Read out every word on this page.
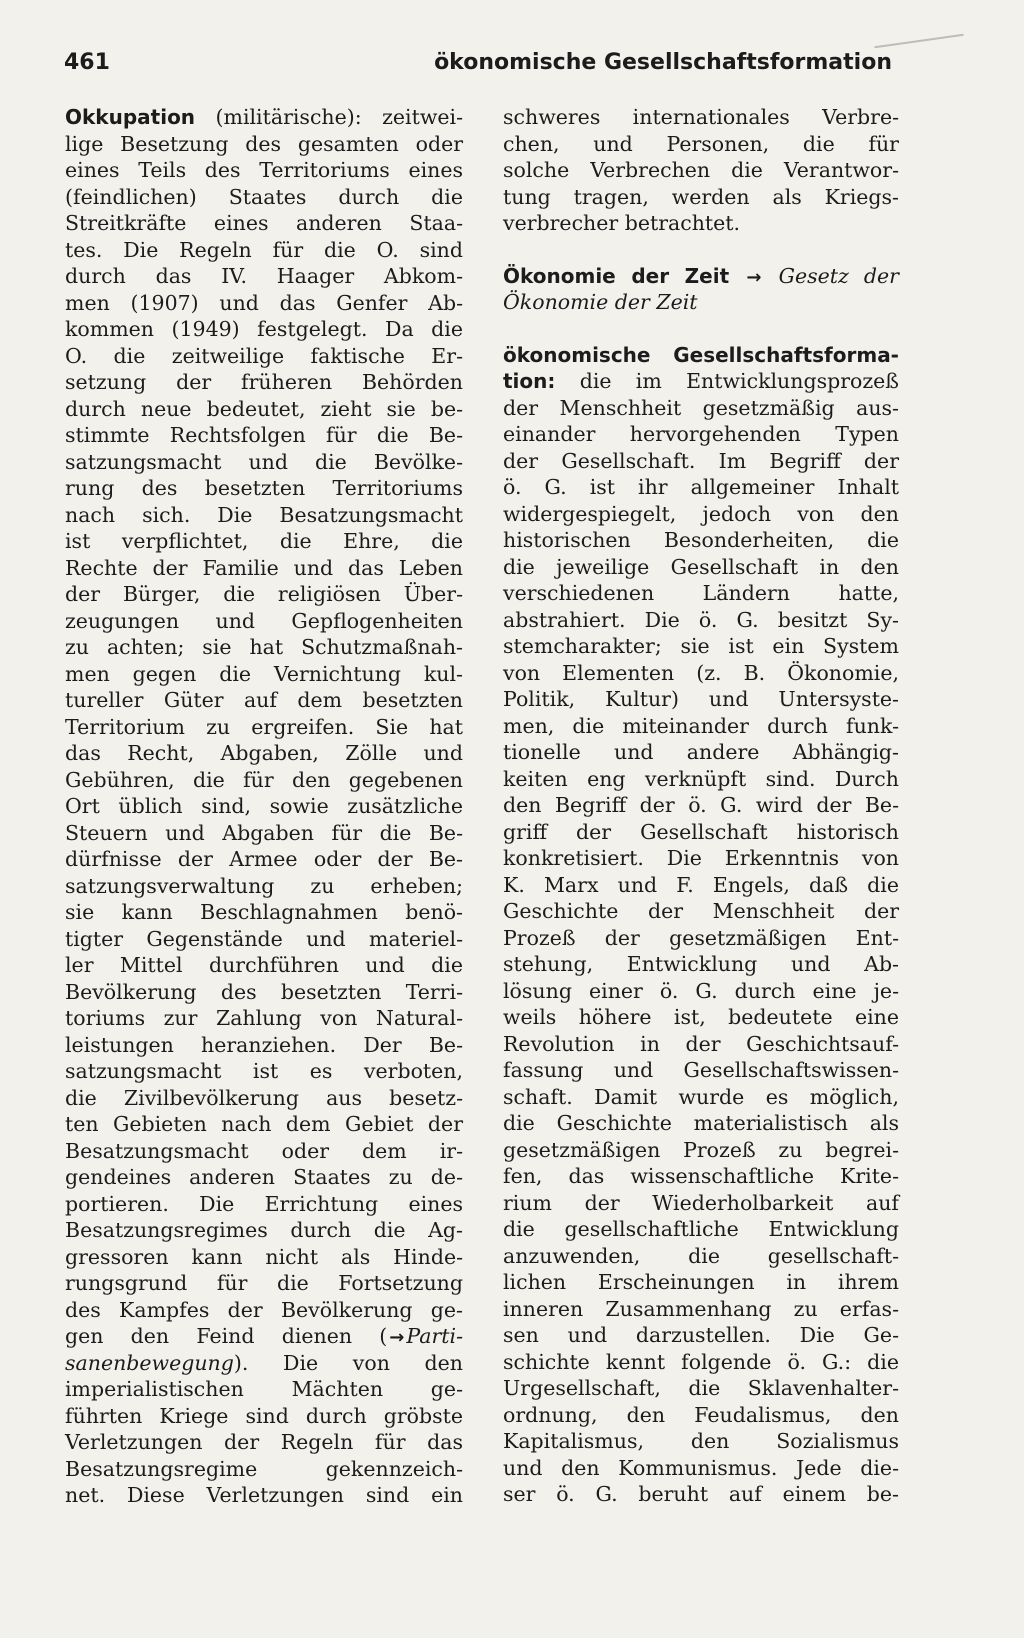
461	ökonomische Gesellschaftsformation
Okkupation (militärische): zeitwei-
lige Besetzung des gesamten oder
eines Teils des Territoriums eines
(feindlichen) Staates durch die
Streitkräfte eines anderen Staa-
tes. Die Regeln für die O. sind
durch das IV. Haager Abkom-
men (1907) und das Genfer Ab-
kommen (1949) festgelegt. Da die
O. die zeitweilige faktische Er-
setzung der früheren Behörden
durch neue bedeutet, zieht sie be-
stimmte Rechtsfolgen für die Be-
satzungsmacht und die Bevölke-
rung des besetzten Territoriums
nach sich. Die Besatzungsmacht
ist verpflichtet, die Ehre, die
Rechte der Familie und das Leben
der Bürger, die religiösen Über-
zeugungen und Gepflogenheiten
zu achten; sie hat Schutzmaßnah-
men gegen die Vernichtung kul-
tureller Güter auf dem besetzten
Territorium zu ergreifen. Sie hat
das Recht, Abgaben, Zölle und
Gebühren, die für den gegebenen
Ort üblich sind, sowie zusätzliche
Steuern und Abgaben für die Be-
dürfnisse der Armee oder der Be-
satzungsverwaltung zu erheben;
sie kann Beschlagnahmen benö-
tigter Gegenstände und materiel-
ler Mittel durchführen und die
Bevölkerung des besetzten Terri-
toriums zur Zahlung von Natural-
leistungen heranziehen. Der Be-
satzungsmacht ist es verboten,
die Zivilbevölkerung aus besetz-
ten Gebieten nach dem Gebiet der
Besatzungsmacht oder dem ir-
gendeines anderen Staates zu de-
portieren. Die Errichtung eines
Besatzungsregimes durch die Ag-
gressoren kann nicht als Hinde-
rungsgrund für die Fortsetzung
des Kampfes der Bevölkerung ge-
gen den Feind dienen ( →Parti-
sanenbewegung). Die von den
imperialistischen Mächten ge-
führten Kriege sind durch gröbste
Verletzungen der Regeln für das
Besatzungsregime gekennzeich-
net. Diese Verletzungen sind ein
schweres internationales Verbre-
chen, und Personen, die für
solche Verbrechen die Verantwor-
tung tragen, werden als Kriegs-
verbrecher betrachtet.
Ökonomie der Zeit → Gesetz der
Ökonomie der Zeit
ökonomische Gesellschaftsforma-
tion: die im Entwicklungsprozeß
der Menschheit gesetzmäßig aus-
einander hervorgehenden Typen
der Gesellschaft. Im Begriff der
ö. G. ist ihr allgemeiner Inhalt
widergespiegelt, jedoch von den
historischen Besonderheiten, die
die jeweilige Gesellschaft in den
verschiedenen Ländern hatte,
abstrahiert. Die ö. G. besitzt Sy-
stemcharakter; sie ist ein System
von Elementen (z. B. Ökonomie,
Politik, Kultur) und Untersyste-
men, die miteinander durch funk-
tionelle und andere Abhängig-
keiten eng verknüpft sind. Durch
den Begriff der ö. G. wird der Be-
griff der Gesellschaft historisch
konkretisiert. Die Erkenntnis von
K. Marx und F. Engels, daß die
Geschichte der Menschheit der
Prozeß der gesetzmäßigen Ent-
stehung, Entwicklung und Ab-
lösung einer ö. G. durch eine je-
weils höhere ist, bedeutete eine
Revolution in der Geschichtsauf-
fassung und Gesellschaftswissen-
schaft. Damit wurde es möglich,
die Geschichte materialistisch als
gesetzmäßigen Prozeß zu begrei-
fen, das wissenschaftliche Krite-
rium der Wiederholbarkeit auf
die gesellschaftliche Entwicklung
anzuwenden, die gesellschaft-
lichen Erscheinungen in ihrem
inneren Zusammenhang zu erfas-
sen und darzustellen. Die Ge-
schichte kennt folgende ö. G.: die
Urgesellschaft, die Sklavenhalter-
ordnung, den Feudalismus, den
Kapitalismus, den Sozialismus
und den Kommunismus. Jede die-
ser ö. G. beruht auf einem be-
